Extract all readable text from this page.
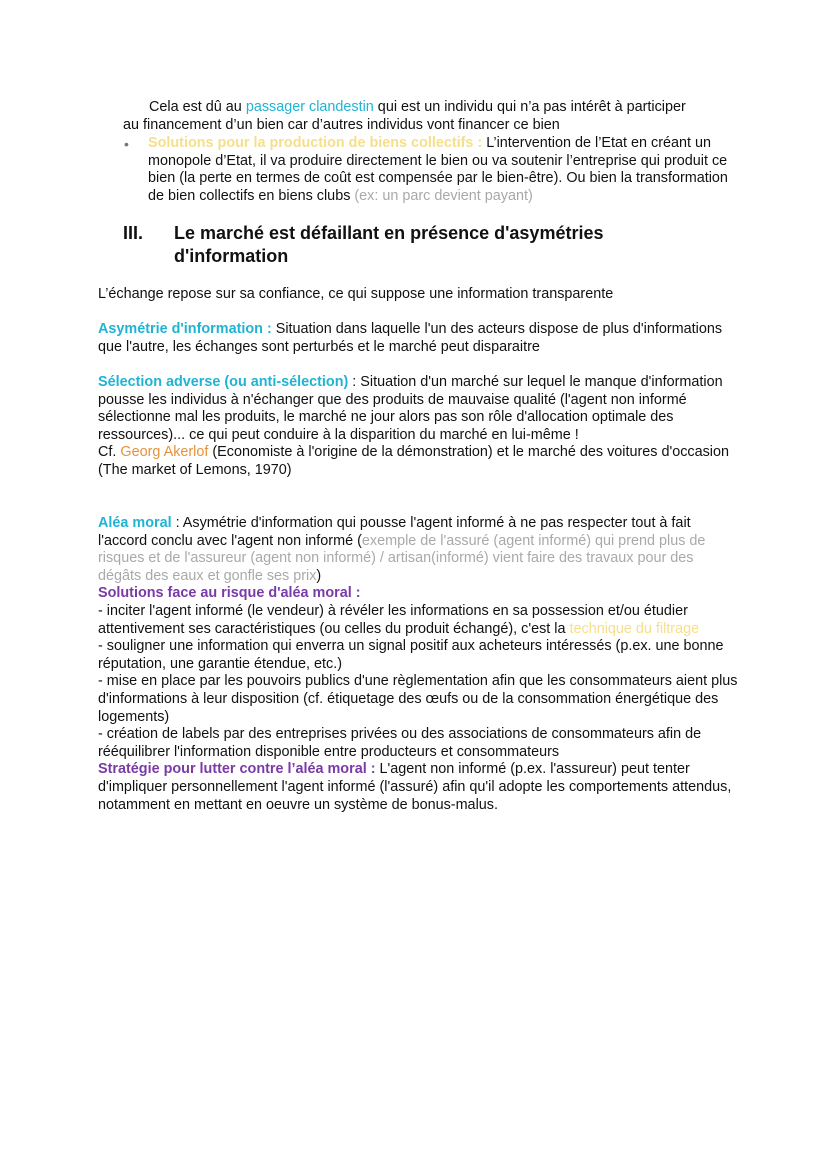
Cela est dû au passager clandestin qui est un individu qui n’a pas intérêt à participer
au financement d’un bien car d’autres individus vont financer ce bien
• Solutions pour la production de biens collectifs : L’intervention de l’Etat en créant un monopole d’Etat, il va produire directement le bien ou va soutenir l’entreprise qui produit ce bien (la perte en termes de coût est compensée par le bien-être). Ou bien la transformation de bien collectifs en biens clubs (ex: un parc devient payant)
III. Le marché est défaillant en présence d'asymétries d'information

L’échange repose sur sa confiance, ce qui suppose une information transparente

Asymétrie d'information : Situation dans laquelle l'un des acteurs dispose de plus d'informations que l'autre, les échanges sont perturbés et le marché peut disparaitre

Sélection adverse (ou anti-sélection) : Situation d'un marché sur lequel le manque d'information pousse les individus à n'échanger que des produits de mauvaise qualité (l'agent non informé sélectionne mal les produits, le marché ne jour alors pas son rôle d'allocation optimale des ressources)... ce qui peut conduire à la disparition du marché en lui-même !
Cf. Georg Akerlof (Economiste à l'origine de la démonstration) et le marché des voitures d'occasion (The market of Lemons, 1970)

Aléa moral : Asymétrie d'information qui pousse l'agent informé à ne pas respecter tout à fait l'accord conclu avec l'agent non informé (exemple de l'assuré (agent informé) qui prend plus de risques et de l'assureur (agent non informé) / artisan(informé) vient faire des travaux pour des dégâts des eaux et gonfle ses prix)
Solutions face au risque d'aléa moral :
- inciter l'agent informé (le vendeur) à révéler les informations en sa possession et/ou étudier attentivement ses caractéristiques (ou celles du produit échangé), c'est la technique du filtrage
- souligner une information qui enverra un signal positif aux acheteurs intéressés (p.ex. une bonne réputation, une garantie étendue, etc.)
- mise en place par les pouvoirs publics d'une règlementation afin que les consommateurs aient plus d'informations à leur disposition (cf. étiquetage des œufs ou de la consommation énergétique des logements)
- création de labels par des entreprises privées ou des associations de consommateurs afin de rééquilibrer l'information disponible entre producteurs et consommateurs
Stratégie pour lutter contre l’aléa moral : L'agent non informé (p.ex. l'assureur) peut tenter d'impliquer personnellement l'agent informé (l'assuré) afin qu'il adopte les comportements attendus, notamment en mettant en oeuvre un système de bonus-malus.
